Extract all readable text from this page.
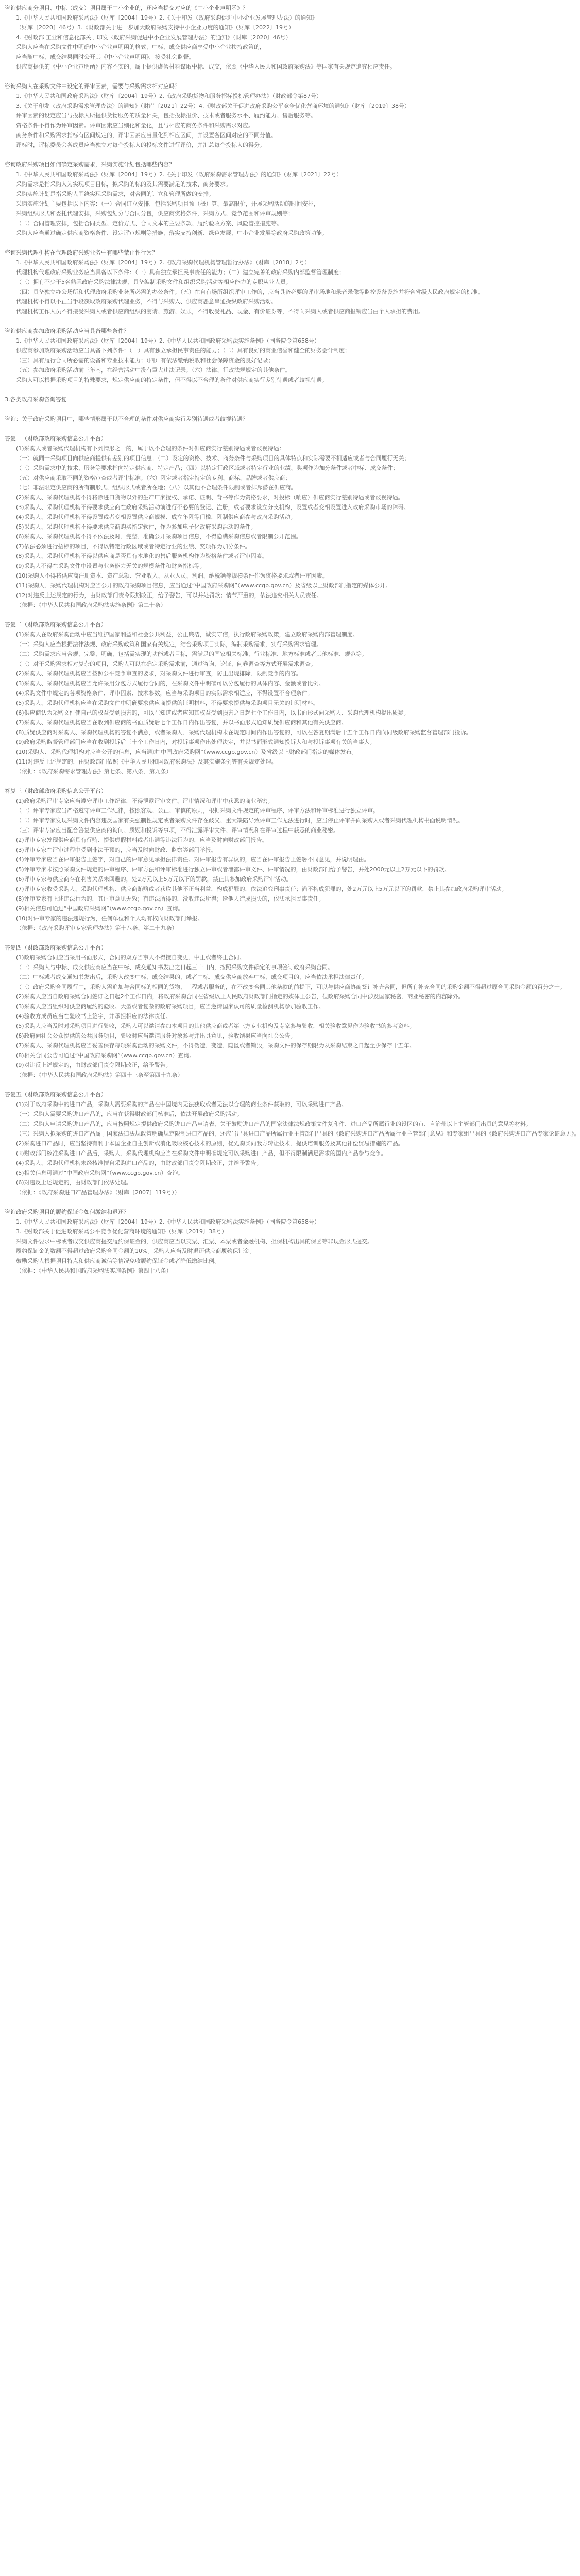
咨询供应商分项目、中标（成交）项目属于中小企业的，还应当提交对应的《中小企业声明函》？
1.《中华人民共和国政府采购法》（财库〔2004〕19号）2.《关于印发〈政府采购促进中小企业发展管理办法〉的通知》
（财库〔2020〕46号）3.《财政部关于进一步加大政府采购支持中小企业力度的通知》（财库〔2022〕19号）
4.《财政部 工业和信息化部关于印发〈政府采购促进中小企业发展管理办法〉的通知》（财库〔2020〕46号）
采购人应当在采购文件中明确中小企业声明函的格式，中标、成交供应商享受中小企业扶持政策的，
应当随中标、成交结果同时公开其《中小企业声明函》，接受社会监督。
供应商提供的《中小企业声明函》内容不实的，属于提供虚假材料谋取中标、成交，依照《中华人民共和国政府采购法》等国家有关规定追究相应责任。
咨询采购人在采购文件中设定的评审因素，需要与采购需求相对应吗？
1.《中华人民共和国政府采购法》（财库〔2004〕19号）2.《政府采购货物和服务招标投标管理办法》（财政部令第87号）
3.《关于印发〈政府采购需求管理办法〉的通知》（财库〔2021〕22号）4.《财政部关于促进政府采购公平竞争优化营商环境的通知》（财库〔2019〕38号）
评审因素的设定应当与投标人所提供货物服务的质量相关，包括投标报价、技术或者服务水平、履约能力、售后服务等。
资格条件不得作为评审因素。评审因素应当细化和量化，且与相应的商务条件和采购需求对应。
商务条件和采购需求指标有区间规定的，评审因素应当量化到相应区间，并设置各区间对应的不同分值。
评标时，评标委员会各成员应当独立对每个投标人的投标文件进行评价，并汇总每个投标人的得分。
咨询政府采购项目如何确定采购需求，采购实施计划包括哪些内容？
1.《中华人民共和国政府采购法》（财库〔2004〕19号）2.《关于印发〈政府采购需求管理办法〉的通知》（财库〔2021〕22号）
采购需求是指采购人为实现项目目标，拟采购的标的及其需要满足的技术、商务要求。
采购实施计划是指采购人围绕实现采购需求，对合同的订立和管理所做的安排。
采购实施计划主要包括以下内容：（一）合同订立安排，包括采购项目预（概）算、最高限价，开展采购活动的时间安排，
采购组织形式和委托代理安排，采购包划分与合同分包，供应商资格条件，采购方式、竞争范围和评审规则等；
（二）合同管理安排，包括合同类型、定价方式、合同文本的主要条款、履约验收方案、风险管控措施等。
采购人应当通过确定供应商资格条件、设定评审规则等措施，落实支持创新、绿色发展、中小企业发展等政府采购政策功能。
咨询采购代理机构在代理政府采购业务中有哪些禁止性行为？
1.《中华人民共和国政府采购法》（财库〔2004〕19号）2.《政府采购代理机构管理暂行办法》（财库〔2018〕2号）
代理机构代理政府采购业务应当具备以下条件：（一）具有独立承担民事责任的能力；（二）建立完善的政府采购内部监督管理制度；
（三）拥有不少于5名熟悉政府采购法律法规、具备编制采购文件和组织采购活动等相应能力的专职从业人员；
（四）具备独立办公场所和代理政府采购业务所必需的办公条件；（五）在自有场所组织评审工作的，应当具备必要的评审场地和录音录像等监控设备设施并符合省级人民政府规定的标准。
代理机构不得以不正当手段获取政府采购代理业务，不得与采购人、供应商恶意串通操纵政府采购活动。
代理机构工作人员不得接受采购人或者供应商组织的宴请、旅游、娱乐，不得收受礼品、现金、有价证券等，不得向采购人或者供应商报销应当由个人承担的费用。
咨询供应商参加政府采购活动应当具备哪些条件？
1.《中华人民共和国政府采购法》（财库〔2004〕19号）2.《中华人民共和国政府采购法实施条例》（国务院令第658号）
供应商参加政府采购活动应当具备下列条件：（一）具有独立承担民事责任的能力；（二）具有良好的商业信誉和健全的财务会计制度；
（三）具有履行合同所必需的设备和专业技术能力；（四）有依法缴纳税收和社会保障资金的良好记录；
（五）参加政府采购活动前三年内，在经营活动中没有重大违法记录；（六）法律、行政法规规定的其他条件。
采购人可以根据采购项目的特殊要求，规定供应商的特定条件，但不得以不合理的条件对供应商实行差别待遇或者歧视待遇。
3.各类政府采购咨询答复
咨询：关于政府采购项目中，哪些情形属于以不合理的条件对供应商实行差别待遇或者歧视待遇？
答复一（财政部政府采购信息公开平台）
(1)采购人或者采购代理机构有下列情形之一的，属于以不合理的条件对供应商实行差别待遇或者歧视待遇：
（一）就同一采购项目向供应商提供有差别的项目信息；（二）设定的资格、技术、商务条件与采购项目的具体特点和实际需要不相适应或者与合同履行无关；
（三）采购需求中的技术、服务等要求指向特定供应商、特定产品；（四）以特定行政区域或者特定行业的业绩、奖项作为加分条件或者中标、成交条件；
（五）对供应商采取不同的资格审查或者评审标准；（六）限定或者指定特定的专利、商标、品牌或者供应商；
（七）非法限定供应商的所有制形式、组织形式或者所在地；（八）以其他不合理条件限制或者排斥潜在供应商。
(2)采购人、采购代理机构不得将除进口货物以外的生产厂家授权、承诺、证明、背书等作为资格要求，对投标（响应）供应商实行差别待遇或者歧视待遇。
(3)采购人、采购代理机构不得要求供应商在政府采购活动前进行不必要的登记、注册，或者要求设立分支机构，设置或者变相设置进入政府采购市场的障碍。
(4)采购人、采购代理机构不得设置或者变相设置供应商规模、成立年限等门槛，限制供应商参与政府采购活动。
(5)采购人、采购代理机构不得要求供应商购买指定软件，作为参加电子化政府采购活动的条件。
(6)采购人、采购代理机构不得不依法及时、完整、准确公开采购项目信息，不得隐瞒采购信息或者限制公开范围。
(7)依法必须进行招标的项目，不得以特定行政区域或者特定行业的业绩、奖项作为加分条件。
(8)采购人、采购代理机构不得以供应商是否具有本地化的售后服务机构作为资格条件或者评审因素。
(9)采购人不得在采购文件中设置与业务能力无关的规模条件和财务指标等。
(10)采购人不得将供应商注册资本、资产总额、营业收入、从业人员、利润、纳税额等规模条件作为资格要求或者评审因素。
(11)采购人、采购代理机构对应当公开的政府采购项目信息，应当通过“中国政府采购网”（www.ccgp.gov.cn）及省级以上财政部门指定的媒体公开。
(12)对违反上述规定的行为，由财政部门责令限期改正，给予警告，可以并处罚款；情节严重的，依法追究相关人员责任。
（依据：《中华人民共和国政府采购法实施条例》第二十条）
答复二（财政部政府采购信息公开平台）
(1)采购人在政府采购活动中应当维护国家利益和社会公共利益，公正廉洁，诚实守信，执行政府采购政策，建立政府采购内部管理制度。
（一）采购人应当根据法律法规、政府采购政策和国家有关规定，结合采购项目实际，编制采购需求，实行采购需求管理。
（二）采购需求应当合规、完整、明确，包括需实现的功能或者目标，需满足的国家相关标准、行业标准、地方标准或者其他标准、规范等。
（三）对于采购需求相对复杂的项目，采购人可以在确定采购需求前，通过咨询、论证、问卷调查等方式开展需求调查。
(2)采购人、采购代理机构应当按照公平竞争审查的要求，对采购文件进行审查，防止出现排除、限制竞争的内容。
(3)采购人、采购代理机构应当允许采用分包方式履行合同的，在采购文件中明确可以分包履行的具体内容、金额或者比例。
(4)采购文件中规定的各项资格条件、评审因素、技术参数，应当与采购项目的实际需求相适应，不得设置不合理条件。
(5)采购人、采购代理机构应当在采购文件中明确要求供应商提供的证明材料，不得要求提供与采购项目无关的证明材料。
(6)供应商认为采购文件使自己的权益受到损害的，可以在知道或者应知其权益受到损害之日起七个工作日内，以书面形式向采购人、采购代理机构提出质疑。
(7)采购人、采购代理机构应当在收到供应商的书面质疑后七个工作日内作出答复，并以书面形式通知质疑供应商和其他有关供应商。
(8)质疑供应商对采购人、采购代理机构的答复不满意，或者采购人、采购代理机构未在规定时间内作出答复的，可以在答复期满后十五个工作日内向同级政府采购监督管理部门投诉。
(9)政府采购监督管理部门应当在收到投诉后三十个工作日内，对投诉事项作出处理决定，并以书面形式通知投诉人和与投诉事项有关的当事人。
(10)采购人、采购代理机构对应当公开的信息，应当通过“中国政府采购网”（www.ccgp.gov.cn）及省级以上财政部门指定的媒体发布。
(11)对违反上述规定的，由财政部门依照《中华人民共和国政府采购法》及其实施条例等有关规定处理。
（依据：《政府采购需求管理办法》第七条、第八条、第九条）
答复三（财政部政府采购信息公开平台）
(1)政府采购评审专家应当遵守评审工作纪律，不得泄露评审文件、评审情况和评审中获悉的商业秘密。
（一）评审专家应当严格遵守评审工作纪律，按照客观、公正、审慎的原则，根据采购文件规定的评审程序、评审方法和评审标准进行独立评审。
（二）评审专家发现采购文件内容违反国家有关强制性规定或者采购文件存在歧义、重大缺陷导致评审工作无法进行时，应当停止评审并向采购人或者采购代理机构书面说明情况。
（三）评审专家应当配合答复供应商的询问、质疑和投诉等事项，不得泄露评审文件、评审情况和在评审过程中获悉的商业秘密。
(2)评审专家发现供应商具有行贿、提供虚假材料或者串通等违法行为的，应当及时向财政部门报告。
(3)评审专家在评审过程中受到非法干预的，应当及时向财政、监察等部门举报。
(4)评审专家应当在评审报告上签字，对自己的评审意见承担法律责任。对评审报告有异议的，应当在评审报告上签署不同意见，并说明理由。
(5)评审专家未按照采购文件规定的评审程序、评审方法和评审标准进行独立评审或者泄露评审文件、评审情况的，由财政部门给予警告，并处2000元以上2万元以下的罚款。
(6)评审专家与供应商存在利害关系未回避的，处2万元以上5万元以下的罚款，禁止其参加政府采购评审活动。
(7)评审专家收受采购人、采购代理机构、供应商贿赂或者获取其他不正当利益，构成犯罪的，依法追究刑事责任；尚不构成犯罪的，处2万元以上5万元以下的罚款，禁止其参加政府采购评审活动。
(8)评审专家有上述违法行为的，其评审意见无效；有违法所得的，没收违法所得；给他人造成损失的，依法承担民事责任。
(9)相关信息可通过“中国政府采购网”（www.ccgp.gov.cn）查询。
(10)对评审专家的违法违规行为，任何单位和个人均有权向财政部门举报。
（依据：《政府采购评审专家管理办法》第十八条、第二十九条）
答复四（财政部政府采购信息公开平台）
(1)政府采购合同应当采用书面形式，合同的双方当事人不得擅自变更、中止或者终止合同。
（一）采购人与中标、成交供应商应当在中标、成交通知书发出之日起三十日内，按照采购文件确定的事项签订政府采购合同。
（二）中标或者成交通知书发出后，采购人改变中标、成交结果的，或者中标、成交供应商放弃中标、成交项目的，应当依法承担法律责任。
（三）政府采购合同履行中，采购人需追加与合同标的相同的货物、工程或者服务的，在不改变合同其他条款的前提下，可以与供应商协商签订补充合同，但所有补充合同的采购金额不得超过原合同采购金额的百分之十。
(2)采购人应当自政府采购合同签订之日起2个工作日内，将政府采购合同在省级以上人民政府财政部门指定的媒体上公告，但政府采购合同中涉及国家秘密、商业秘密的内容除外。
(3)采购人应当组织对供应商履约的验收。大型或者复杂的政府采购项目，应当邀请国家认可的质量检测机构参加验收工作。
(4)验收方成员应当在验收书上签字，并承担相应的法律责任。
(5)采购人应当及时对采购项目进行验收，采购人可以邀请参加本项目的其他供应商或者第三方专业机构及专家参与验收，相关验收意见作为验收书的参考资料。
(6)政府向社会公众提供的公共服务项目，验收时应当邀请服务对象参与并出具意见，验收结果应当向社会公告。
(7)采购人、采购代理机构应当妥善保存每项采购活动的采购文件，不得伪造、变造、隐匿或者销毁，采购文件的保存期限为从采购结束之日起至少保存十五年。
(8)相关合同公告可通过“中国政府采购网”（www.ccgp.gov.cn）查询。
(9)对违反上述规定的，由财政部门责令限期改正，给予警告。
（依据：《中华人民共和国政府采购法》第四十三条至第四十九条）
答复五（财政部政府采购信息公开平台）
(1)对于政府采购中的进口产品，采购人需要采购的产品在中国境内无法获取或者无法以合理的商业条件获取的，可以采购进口产品。
（一）采购人需要采购进口产品的，应当在获得财政部门核准后，依法开展政府采购活动。
（二）采购人申请采购进口产品的，应当按照规定提供政府采购进口产品申请表、关于鼓励进口产品的国家法律法规政策文件复印件、进口产品所属行业的设区的市、自治州以上主管部门出具的意见等材料。
（三）采购人拟采购的进口产品属于国家法律法规政策明确规定限制进口产品的，还应当出具进口产品所属行业主管部门出具的《政府采购进口产品所属行业主管部门意见》和专家组出具的《政府采购进口产品专家论证意见》。
(2)采购进口产品时，应当坚持有利于本国企业自主创新或消化吸收核心技术的原则，优先购买向我方转让技术、提供培训服务及其他补偿贸易措施的产品。
(3)财政部门核准采购进口产品后，采购人、采购代理机构应当在采购文件中明确规定可以采购进口产品，但不得限制满足需求的国内产品参与竞争。
(4)采购人、采购代理机构未经核准擅自采购进口产品的，由财政部门责令限期改正，并给予警告。
(5)相关信息可通过“中国政府采购网”（www.ccgp.gov.cn）查询。
(6)对违反上述规定的，由财政部门依法处理。
（依据：《政府采购进口产品管理办法》（财库〔2007〕119号））
咨询政府采购项目的履约保证金如何缴纳和退还？
1.《中华人民共和国政府采购法》（财库〔2004〕19号）2.《中华人民共和国政府采购法实施条例》（国务院令第658号）
3.《财政部关于促进政府采购公平竞争优化营商环境的通知》（财库〔2019〕38号）
采购文件要求中标或者成交供应商提交履约保证金的，供应商应当以支票、汇票、本票或者金融机构、担保机构出具的保函等非现金形式提交。
履约保证金的数额不得超过政府采购合同金额的10%。采购人应当及时退还供应商履约保证金。
鼓励采购人根据项目特点和供应商诚信等情况免收履约保证金或者降低缴纳比例。
（依据：《中华人民共和国政府采购法实施条例》第四十八条）
